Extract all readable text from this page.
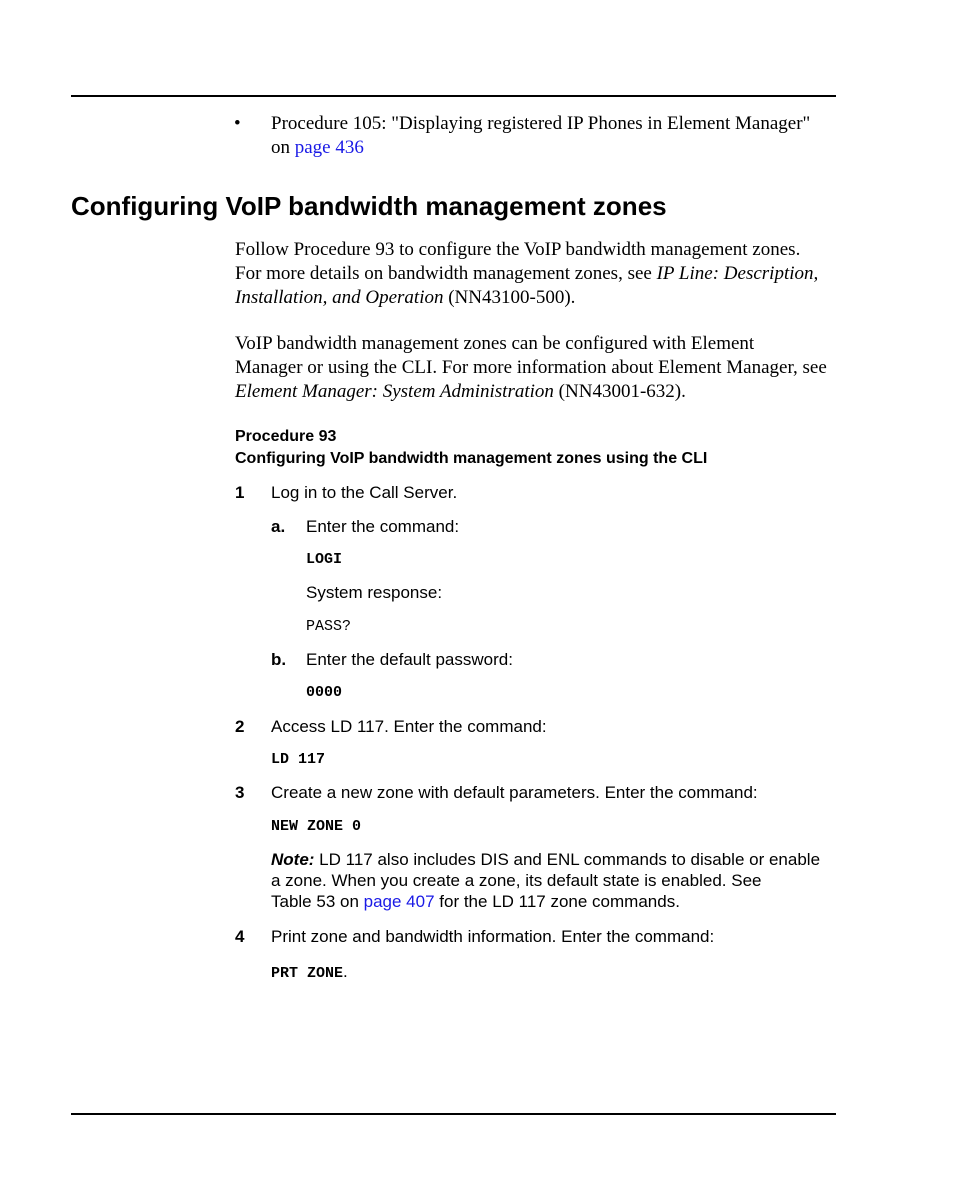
• Procedure 105: "Displaying registered IP Phones in Element Manager"
on page 436
Configuring VoIP bandwidth management zones
Follow Procedure 93 to configure the VoIP bandwidth management zones.
For more details on bandwidth management zones, see IP Line: Description,
Installation, and Operation (NN43100-500).
VoIP bandwidth management zones can be configured with Element
Manager or using the CLI. For more information about Element Manager, see
Element Manager: System Administration (NN43001-632).
Procedure 93
Configuring VoIP bandwidth management zones using the CLI
1 Log in to the Call Server.
a. Enter the command:
LOGI
System response:
PASS?
b. Enter the default password:
0000
2 Access LD 117. Enter the command:
LD 117
3 Create a new zone with default parameters. Enter the command:
NEW ZONE 0
Note: LD 117 also includes DIS and ENL commands to disable or enable
a zone. When you create a zone, its default state is enabled. See
Table 53 on page 407 for the LD 117 zone commands.
4 Print zone and bandwidth information. Enter the command:
PRT ZONE.
